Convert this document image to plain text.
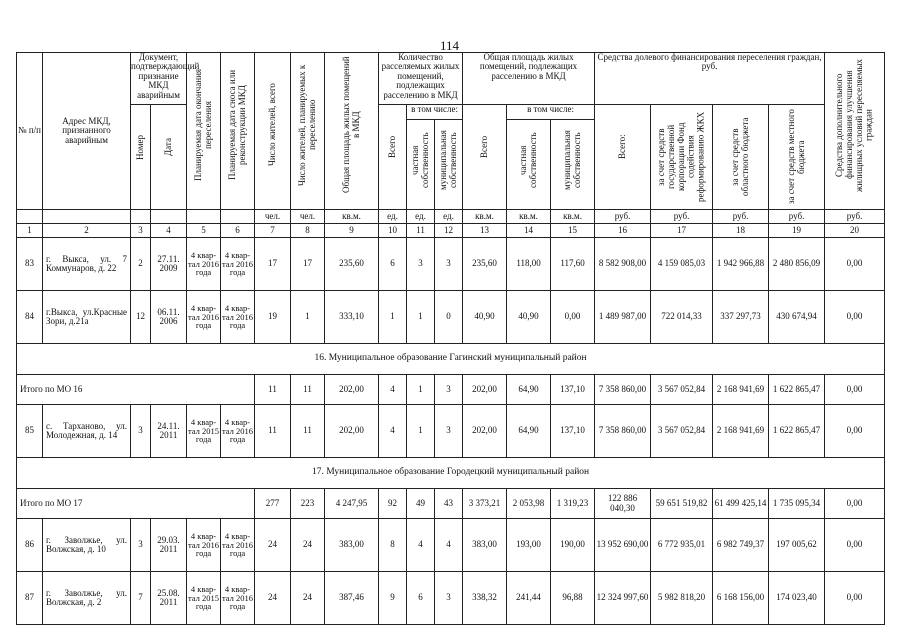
114
№ п/п	Адрес МКД, признанного аварийным	Документ, подтверждающий признание МКД аварийным		Планируемая дата окончания переселения	Планируемая дата сноса или реконструкции МКД	Число жителей, всего	Число жителей, планируемых к переселению	Общая площадь жилых помещений в МКД	Количество расселяемых жилых помещений, подлежащих расселению в МКД			Общая площадь жилых помещений, подлежащих расселению в МКД			Средства долевого финансирования переселения граждан, руб.				Средства дополнительного финансирования улучшения жилищных условий переселяемых граждан

		Номер	Дата						Всего	в том числе:		Всего	в том числе:		Всего:	за счет средств государственной корпорации Фонд содействия реформированию ЖКХ	за счет средств областного бюджета	за счет средств местного бюджета	

										частная собственность	муниципальная собственность		частная собственность	муниципальная собственность					

						чел.	чел.	кв.м.	ед.	ед.	ед.	кв.м.	кв.м.	кв.м.	руб.	руб.	руб.	руб.	руб.
1	2	3	4	5	6	7	8	9	10	11	12	13	14	15	16	17	18	19	20
83	г. Выкса, ул. 7 Коммунаров, д. 22	2	27.11. 2009	4 квар-тал 2016 года	4 квар-тал 2016 года	17	17	235,60	6	3	3	235,60	118,00	117,60	8 582 908,00	4 159 085,03	1 942 966,88	2 480 856,09	0,00
84	г.Выкса, ул.Красные Зори, д.21а	12	06.11. 2006	4 квар-тал 2016 года	4 квар-тал 2016 года	19	1	333,10	1	1	0	40,90	40,90	0,00	1 489 987,00	722 014,33	337 297,73	430 674,94	0,00
16. Муниципальное образование Гагинский муниципальный район																			
Итого по МО 16						11	11	202,00	4	1	3	202,00	64,90	137,10	7 358 860,00	3 567 052,84	2 168 941,69	1 622 865,47	0,00
85	с. Тарханово, ул. Молодежная, д. 14	3	24.11. 2011	4 квар-тал 2015 года	4 квар-тал 2016 года	11	11	202,00	4	1	3	202,00	64,90	137,10	7 358 860,00	3 567 052,84	2 168 941,69	1 622 865,47	0,00
17. Муниципальное образование Городецкий муниципальный район																			
Итого по МО 17						277	223	4 247,95	92	49	43	3 373,21	2 053,98	1 319,23	122 886 040,30	59 651 519,82	61 499 425,14	1 735 095,34	0,00
86	г. Заволжье, ул. Волжская, д. 10	3	29.03. 2011	4 квар-тал 2016 года	4 квар-тал 2016 года	24	24	383,00	8	4	4	383,00	193,00	190,00	13 952 690,00	6 772 935,01	6 982 749,37	197 005,62	0,00
87	г. Заволжье, ул. Волжская, д. 2	7	25.08. 2011	4 квар-тал 2015 года	4 квар-тал 2016 года	24	24	387,46	9	6	3	338,32	241,44	96,88	12 324 997,60	5 982 818,20	6 168 156,00	174 023,40	0,00
